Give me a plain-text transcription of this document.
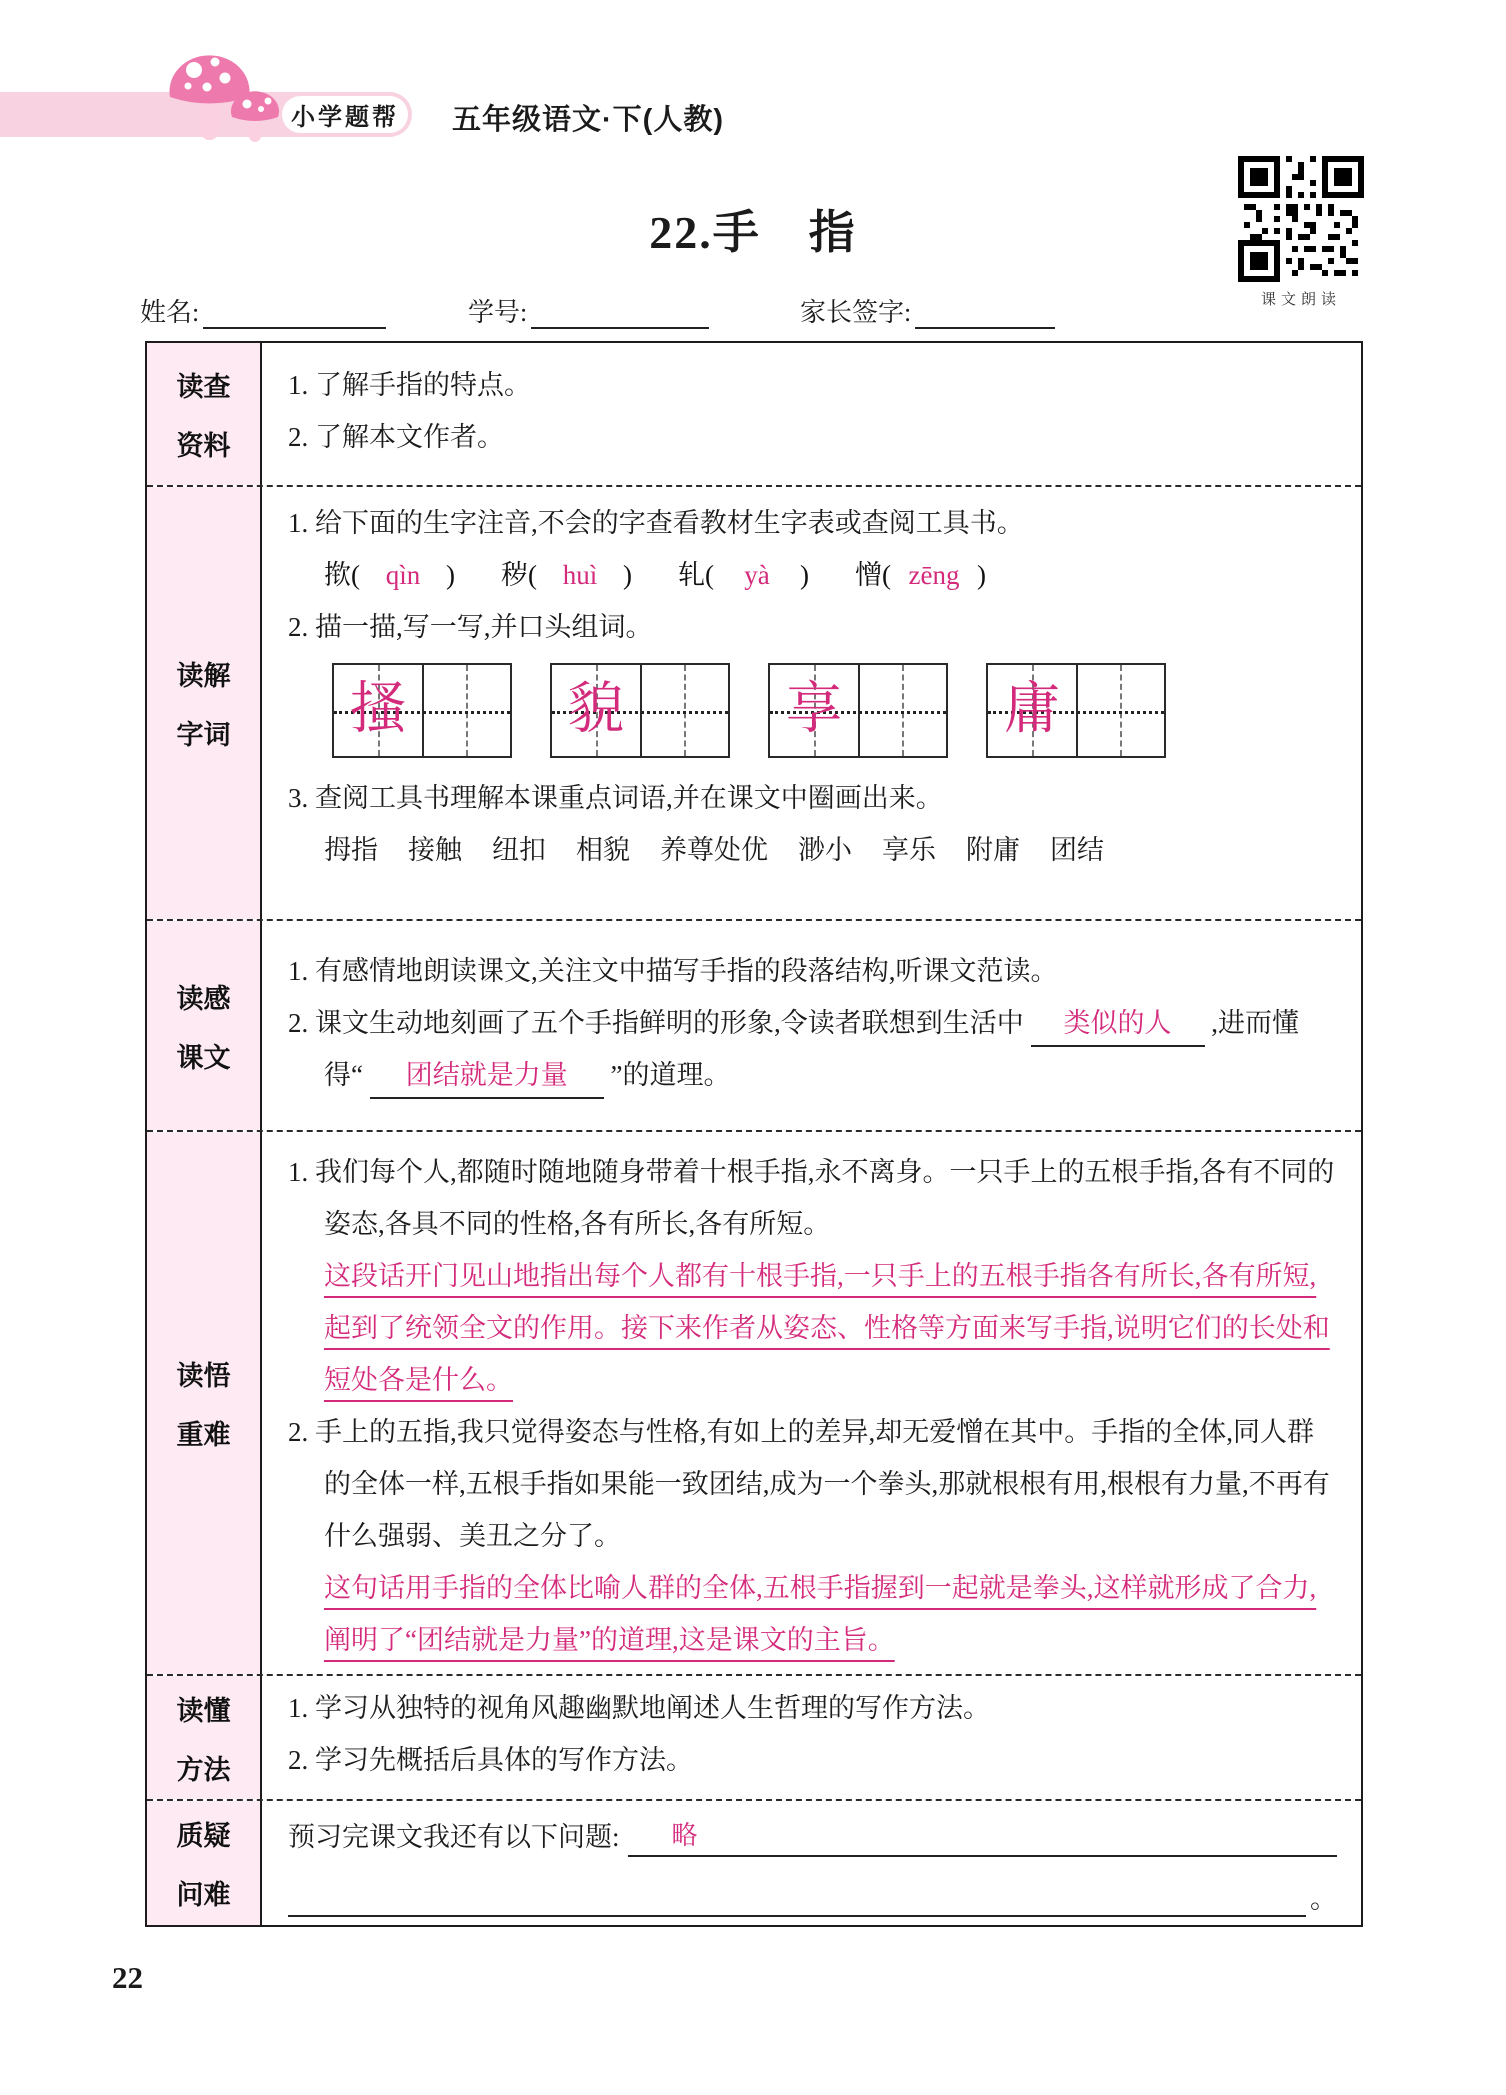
小学题帮 五年级语文·下(人教)
22.手　指
课文朗读
姓名:	学号:	家长签字:
读查
资料
1. 了解手指的特点。
2. 了解本文作者。
读解
字词
1. 给下面的生字注音,不会的字查看教材生字表或查阅工具书。
揿( qìn ) 秽( huì ) 轧(	yà	) 憎( zēng )
2. 描一描,写一写,并口头组词。
搔	貌	享	庸
3. 查阅工具书理解本课重点词语,并在课文中圈画出来。
拇指 接触 纽扣 相貌 养尊处优 渺小 享乐 附庸 团结
读感
课文
1. 有感情地朗读课文,关注文中描写手指的段落结构,听课文范读。
2. 课文生动地刻画了五个手指鲜明的形象,令读者联想到生活中 类似的人 ,进而懂得“ 团结就是力量 ”的道理。
读悟
重难
1. 我们每个人,都随时随地随身带着十根手指,永不离身。一只手上的五根手指,各有不同的姿态,各具不同的性格,各有所长,各有所短。
这段话开门见山地指出每个人都有十根手指,一只手上的五根手指各有所长,各有所短,起到了统领全文的作用。接下来作者从姿态、性格等方面来写手指,说明它们的长处和短处各是什么。
2. 手上的五指,我只觉得姿态与性格,有如上的差异,却无爱憎在其中。手指的全体,同人群的全体一样,五根手指如果能一致团结,成为一个拳头,那就根根有用,根根有力量,不再有什么强弱、美丑之分了。
这句话用手指的全体比喻人群的全体,五根手指握到一起就是拳头,这样就形成了合力,阐明了“团结就是力量”的道理,这是课文的主旨。
读懂
方法
1. 学习从独特的视角风趣幽默地阐述人生哲理的写作方法。
2. 学习先概括后具体的写作方法。
质疑
问难
预习完课文我还有以下问题:	略
。
22
